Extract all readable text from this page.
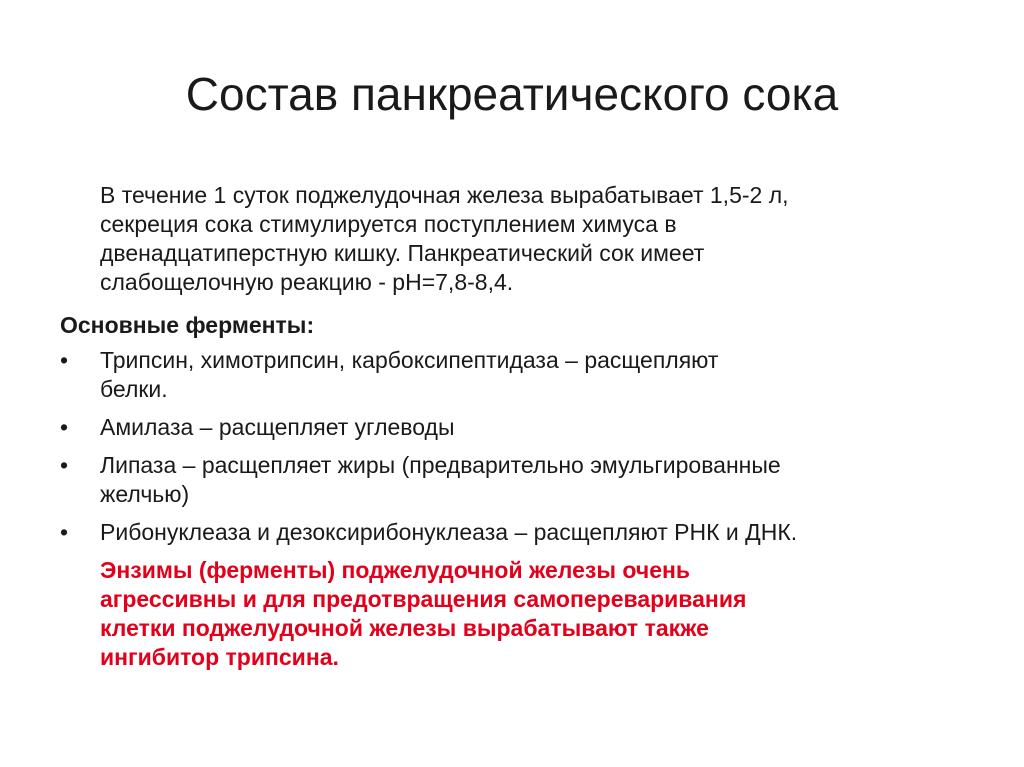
Состав панкреатического сока

В течение 1 суток поджелудочная железа вырабатывает 1,5-2 л,

секреция сока стимулируется поступлением химуса в

двенадцатиперстную кишку. Панкреатический сок имеет

слабощелочную реакцию - pH=7,8-8,4.

Основные ферменты:
•	Трипсин, химотрипсин, карбоксипептидаза – расщепляют
белки.
•	Амилаза – расщепляет углеводы
•	Липаза – расщепляет жиры (предварительно эмульгированные
желчью)
•	Рибонуклеаза и дезоксирибонуклеаза – расщепляют РНК и ДНК.
Энзимы (ферменты) поджелудочной железы очень
агрессивны и для предотвращения самопереваривания
клетки поджелудочной железы вырабатывают также
ингибитор трипсина.
